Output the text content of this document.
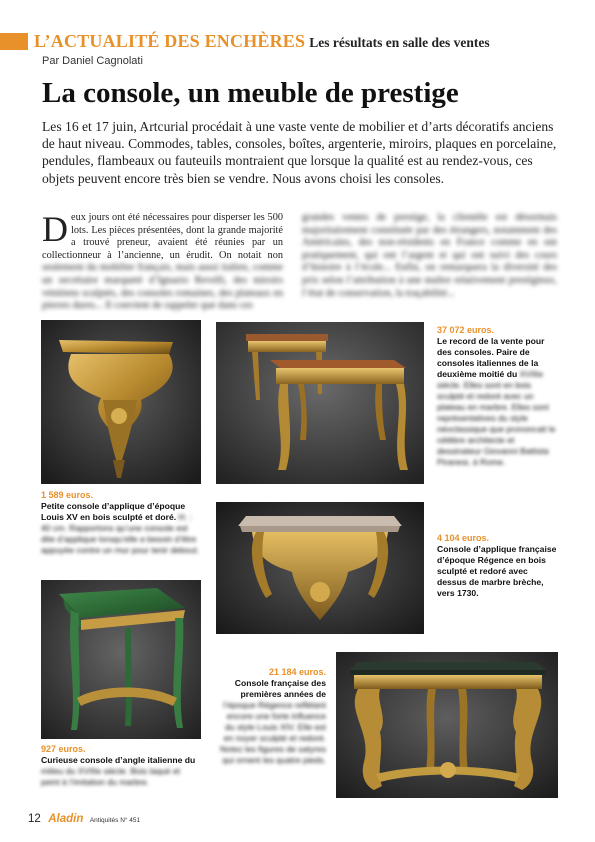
L’ACTUALITÉ DES ENCHÈRES Les résultats en salle des ventes
Par Daniel Cagnolati
La console, un meuble de prestige

Les 16 et 17 juin, Artcurial procédait à une vaste vente de mobilier et d’arts décoratifs anciens de haut niveau. Commodes, tables, consoles, boîtes, argenterie, miroirs, plaques en porcelaine, pendules, flambeaux ou fauteuils montraient que lorsque la qualité est au rendez-vous, ces objets peuvent encore très bien se vendre. Nous avons choisi les consoles.

Deux jours ont été nécessaires pour disperser les 500 lots. Les pièces présentées, dont la grande majorité a trouvé preneur, avaient été réunies par un collectionneur à l’ancienne, un érudit. On notait non seulement du mobilier français, mais aussi italien, comme un secrétaire marqueté d’Ignazio Revelli, des miroirs vénitiens sculptés, des consoles romaines, des plateaux en pierres dures... Il convient de rappeler que dans ces
grandes ventes de prestige, la clientèle est désormais majoritairement constituée par des étrangers, notamment des Américains, des non-résidents en France comme en ont pratiquement, qui ont l’argent et qui ont suivi des cours d’histoire à l’école... Enfin, on remarquera la diversité des prix selon l’attribution à une maître relativement prestigieux, l’état de conservation, la traçabilité...
1 589 euros.
Petite console d’applique d’époque Louis XV en bois sculpté et doré. H. : 40 cm. Rapportons qu’une console est dite d’applique lorsqu’elle a besoin d’être appuyée contre un mur pour tenir debout.
37 072 euros.
Le record de la vente pour des consoles. Paire de consoles italiennes de la deuxième moitié du XVIIIe siècle. Elles sont en bois sculpté et redoré avec un plateau en marbre. Elles sont représentatives du style néoclassique que prononcait le célèbre architecte et dessinateur Giovanni Battista Piranesi, à Rome.
4 104 euros.
Console d’applique française d’époque Régence en bois sculpté et redoré avec dessus de marbre brèche, vers 1730.
927 euros.
Curieuse console d’angle italienne du milieu du XVIIIe siècle. Bois laqué et peint à l’imitation du marbre.
21 184 euros.
Console française des premières années de l’époque Régence reflétant encore une forte influence du style Louis XIV. Elle est en noyer sculpté et redoré. Notez les figures de satyres qui ornent les quatre pieds.
12 Aladin Antiquités N° 451
